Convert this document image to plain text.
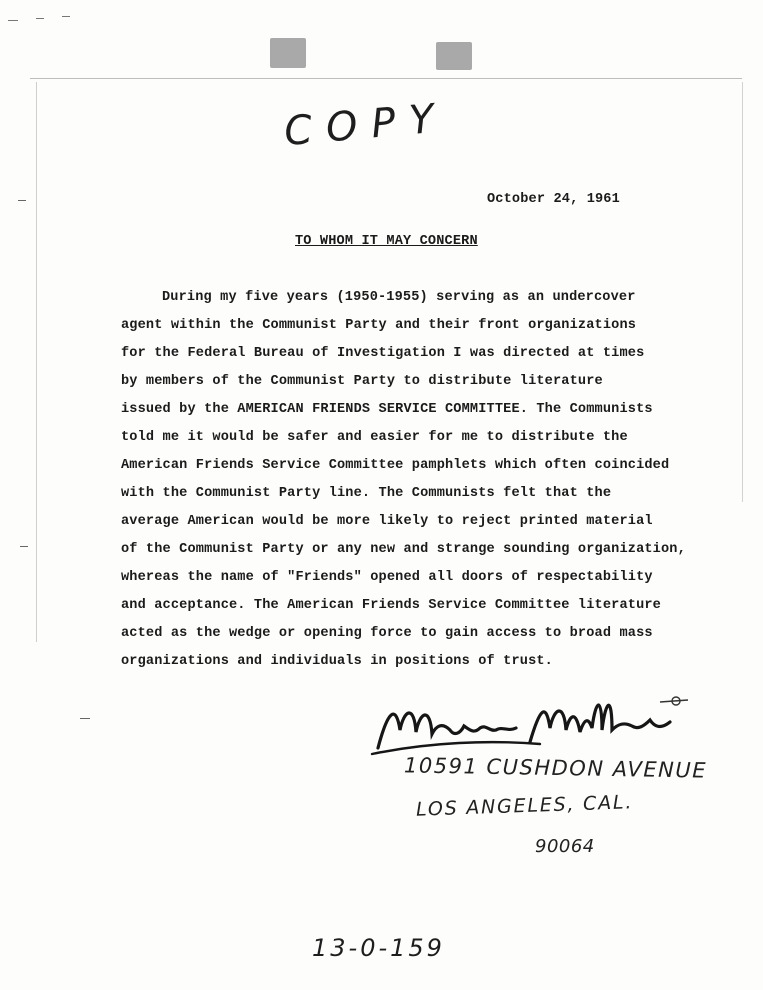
COPY
October 24, 1961
TO WHOM IT MAY CONCERN
During my five years (1950-1955) serving as an undercover
agent within the Communist Party and their front organizations
for the Federal Bureau of Investigation I was directed at times
by members of the Communist Party to distribute literature
issued by the AMERICAN FRIENDS SERVICE COMMITTEE. The Communists
told me it would be safer and easier for me to distribute the
American Friends Service Committee pamphlets which often coincided
with the Communist Party line. The Communists felt that the
average American would be more likely to reject printed material
of the Communist Party or any new and strange sounding organization,
whereas the name of "Friends" opened all doors of respectability
and acceptance. The American Friends Service Committee literature
acted as the wedge or opening force to gain access to broad mass
organizations and individuals in positions of trust.
10591 CUSHDON AVENUE
LOS ANGELES, CAL.
90064
13-0-159
